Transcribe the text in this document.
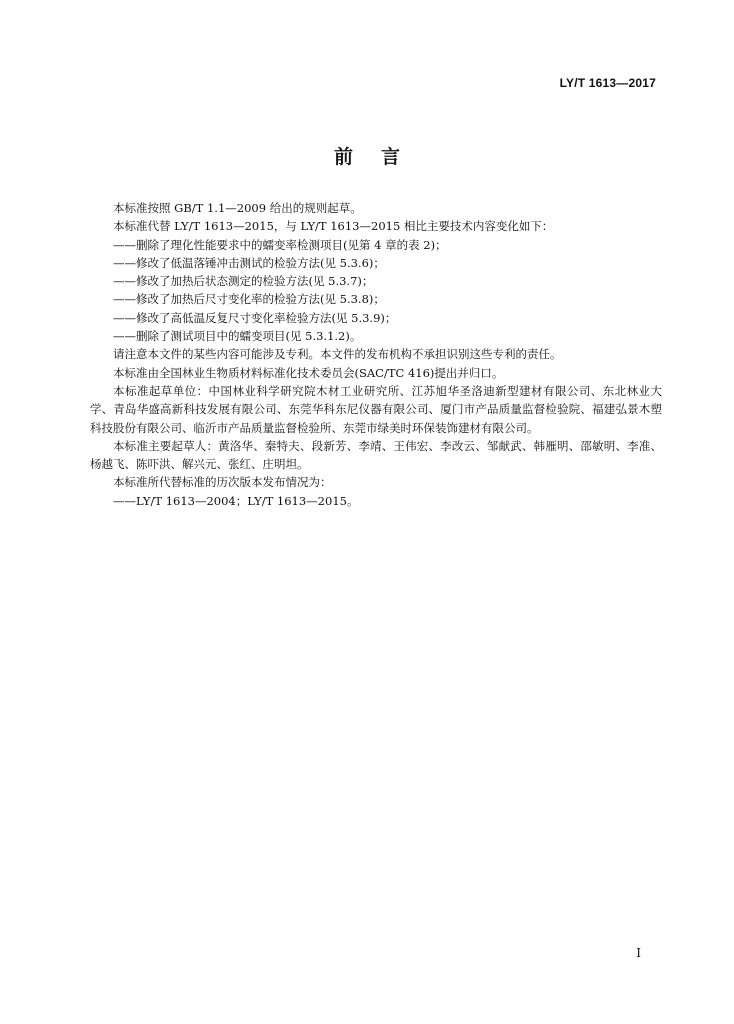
LY/T 1613—2017
前言

本标准按照 GB/T 1.1—2009 给出的规则起草。

本标准代替 LY/T 1613—2015，与 LY/T 1613—2015 相比主要技术内容变化如下：

——删除了理化性能要求中的蠕变率检测项目(见第 4 章的表 2)；

——修改了低温落锤冲击测试的检验方法(见 5.3.6)；

——修改了加热后状态测定的检验方法(见 5.3.7)；

——修改了加热后尺寸变化率的检验方法(见 5.3.8)；

——修改了高低温反复尺寸变化率检验方法(见 5.3.9)；

——删除了测试项目中的蠕变项目(见 5.3.1.2)。

请注意本文件的某些内容可能涉及专利。本文件的发布机构不承担识别这些专利的责任。

本标准由全国林业生物质材料标准化技术委员会(SAC/TC 416)提出并归口。

本标准起草单位：中国林业科学研究院木材工业研究所、江苏旭华圣洛迪新型建材有限公司、东北林业大学、青岛华盛高新科技发展有限公司、东莞华科东尼仪器有限公司、厦门市产品质量监督检验院、福建弘景木塑科技股份有限公司、临沂市产品质量监督检验所、东莞市绿美时环保装饰建材有限公司。

本标准主要起草人：黄洛华、秦特夫、段新芳、李靖、王伟宏、李改云、邹献武、韩雁明、邵敏明、李准、杨越飞、陈吓洪、解兴元、张红、庄明坦。

本标准所代替标准的历次版本发布情况为：

——LY/T 1613—2004；LY/T 1613—2015。

I
